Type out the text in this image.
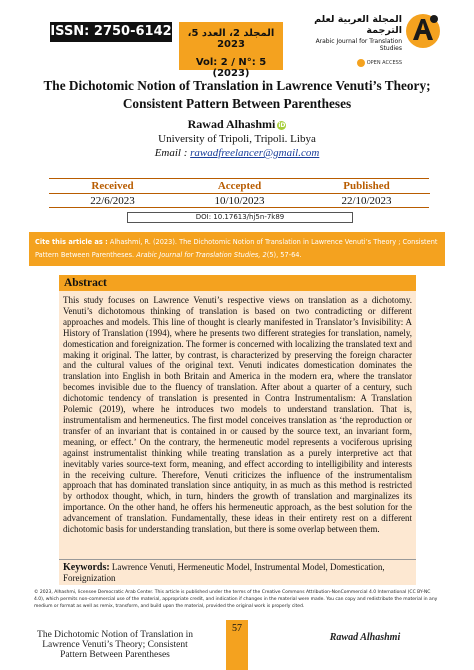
ISSN: 2750-6142	المجلد 2، العدد 5، 2023
Vol: 2 / N°: 5 (2023)
المجلة العربية لعلم الترجمة
Arabic Journal for Translation Studies
OPEN ACCESS
The Dichotomic Notion of Translation in Lawrence Venuti’s Theory; Consistent Pattern Between Parentheses
Rawad Alhashmi iD
University of Tripoli, Tripoli. Libya
Email : rawadfreelancer@gmail.com
Received
22/6/2023
Accepted
10/10/2023
Published
22/10/2023
DOI: 10.17613/hj5n-7k89
Cite this article as : Alhashmi, R. (2023). The Dichotomic Notion of Translation in Lawrence Venuti’s Theory ; Consistent Pattern Between Parentheses. Arabic Journal for Translation Studies, 2(5), 57-64.
Abstract
This study focuses on Lawrence Venuti’s respective views on translation as a dichotomy. Venuti’s dichotomous thinking of translation is based on two contradicting or different approaches and models. This line of thought is clearly manifested in Translator’s Invisibility: A History of Translation (1994), where he presents two different strategies for translation, namely, domestication and foreignization. The former is concerned with localizing the translated text and making it original. The latter, by contrast, is characterized by preserving the foreign character and the cultural values of the original text. Venuti indicates domestication dominates the translation into English in both Britain and America in the modern era, where the translator becomes invisible due to the fluency of translation. After about a quarter of a century, such dichotomic tendency of translation is presented in Contra Instrumentalism: A Translation Polemic (2019), where he introduces two models to understand translation. That is, instrumentalism and hermeneutics. The first model conceives translation as ‘the reproduction or transfer of an invariant that is contained in or caused by the source text, an invariant form, meaning, or effect.’ On the contrary, the hermeneutic model represents a vociferous uprising against instrumentalist thinking while treating translation as a purely interpretive act that inevitably varies source-text form, meaning, and effect according to intelligibility and interests in the receiving culture. Therefore, Venuti criticizes the influence of the instrumentalism approach that has dominated translation since antiquity, in as much as this method is restricted by orthodox thought, which, in turn, hinders the growth of translation and marginalizes its importance. On the other hand, he offers his hermeneutic approach, as the best solution for the advancement of translation. Fundamentally, these ideas in their entirety rest on a different dichotomic basis for understanding translation, but there is some overlap between them.
Keywords: Lawrence Venuti, Hermeneutic Model, Instrumental Model, Domestication, Foreignization
© 2023, Alhashmi, licensee Democratic Arab Center. This article is published under the terms of the Creative Commons Attribution-NonCommercial 4.0 International (CC BY-NC 4.0), which permits non-commercial use of the material, appropriate credit, and indication if changes in the material were made. You can copy and redistribute the material in any medium or format as well as remix, transform, and build upon the material, provided the original work is properly cited.
The Dichotomic Notion of Translation in Lawrence Venuti’s Theory; Consistent Pattern Between Parentheses
57
Rawad Alhashmi
